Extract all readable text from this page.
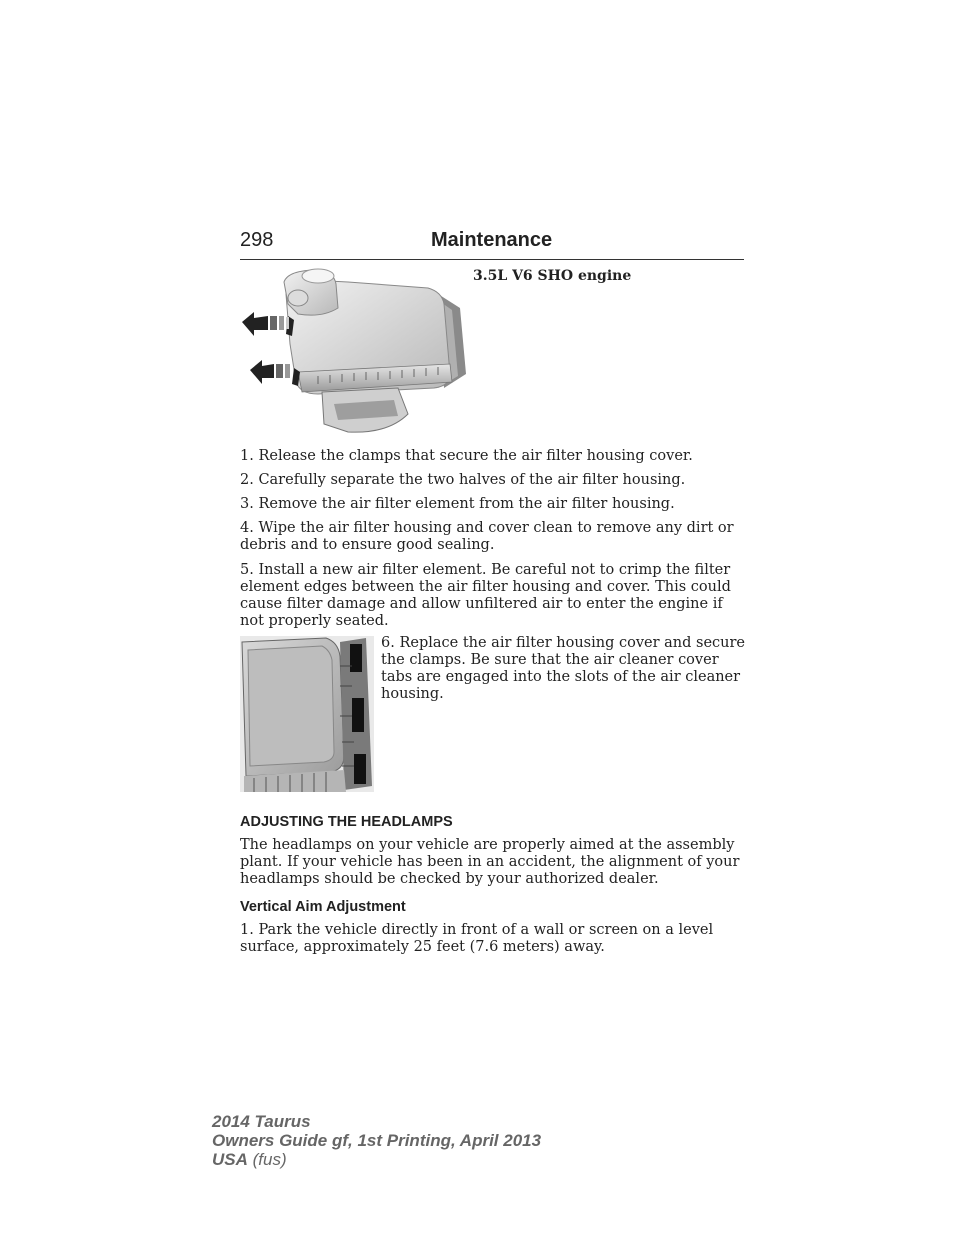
298	Maintenance
3.5L V6 SHO engine
1. Release the clamps that secure the air filter housing cover.
2. Carefully separate the two halves of the air filter housing.
3. Remove the air filter element from the air filter housing.
4. Wipe the air filter housing and cover clean to remove any dirt or debris and to ensure good sealing.
5. Install a new air filter element. Be careful not to crimp the filter element edges between the air filter housing and cover. This could cause filter damage and allow unfiltered air to enter the engine if not properly seated.
6. Replace the air filter housing cover and secure the clamps. Be sure that the air cleaner cover tabs are engaged into the slots of the air cleaner housing.
ADJUSTING THE HEADLAMPS
The headlamps on your vehicle are properly aimed at the assembly plant. If your vehicle has been in an accident, the alignment of your headlamps should be checked by your authorized dealer.
Vertical Aim Adjustment
1. Park the vehicle directly in front of a wall or screen on a level surface, approximately 25 feet (7.6 meters) away.
2014 Taurus
Owners Guide gf, 1st Printing, April 2013
USA (fus)
